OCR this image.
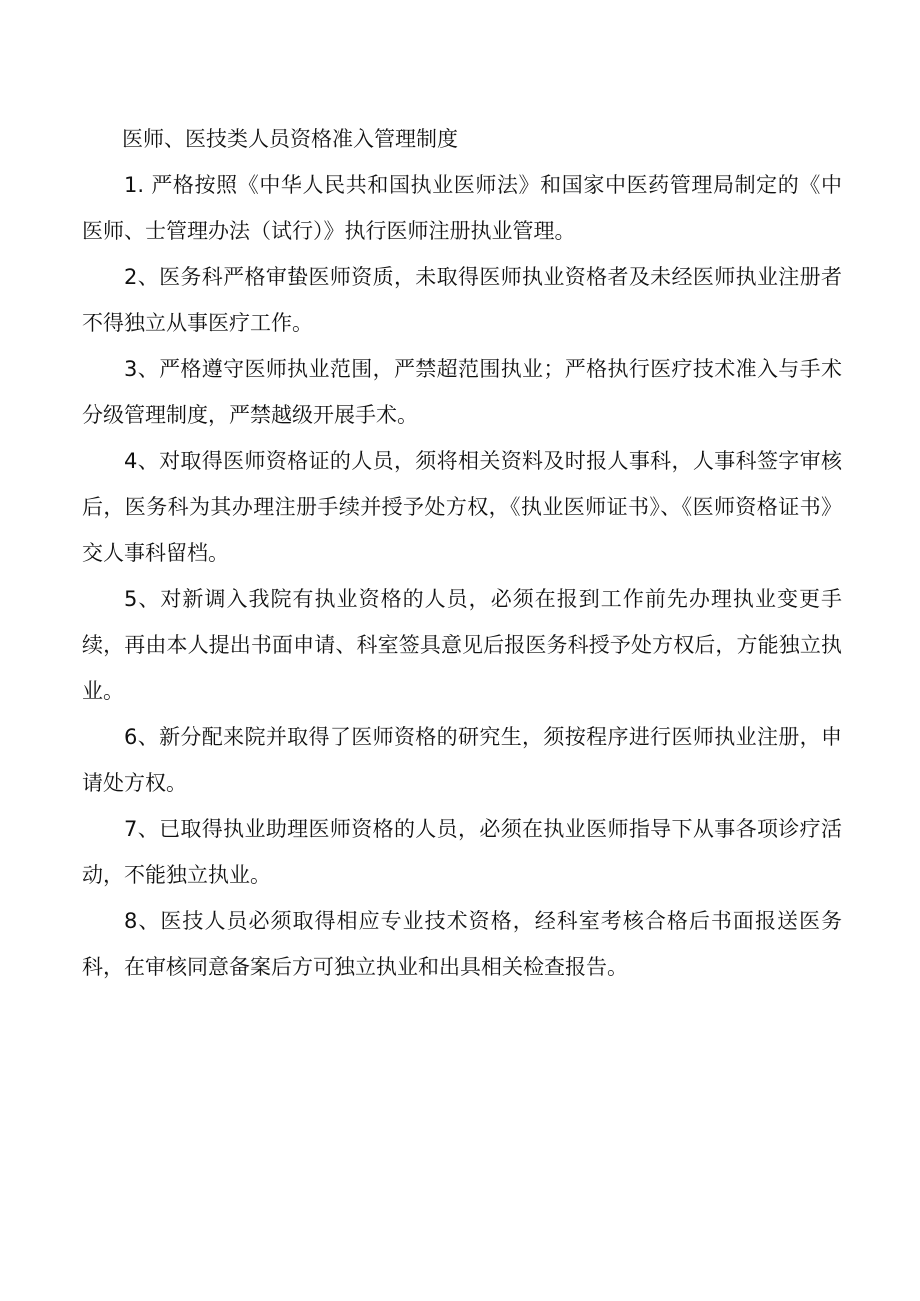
医师、医技类人员资格准入管理制度

1. 严格按照《中华人民共和国执业医师法》和国家中医药管理局制定的《中医师、士管理办法（试行）》执行医师注册执业管理。

2、医务科严格审蛰医师资质，未取得医师执业资格者及未经医师执业注册者不得独立从事医疗工作。

3、严格遵守医师执业范围，严禁超范围执业；严格执行医疗技术准入与手术分级管理制度，严禁越级开展手术。

4、对取得医师资格证的人员，须将相关资料及时报人事科，人事科签字审核后，医务科为其办理注册手续并授予处方权，《执业医师证书》、《医师资格证书》交人事科留档。

5、对新调入我院有执业资格的人员，必须在报到工作前先办理执业变更手续，再由本人提出书面申请、科室签具意见后报医务科授予处方权后，方能独立执业。

6、新分配来院并取得了医师资格的研究生，须按程序进行医师执业注册，申请处方权。

7、已取得执业助理医师资格的人员，必须在执业医师指导下从事各项诊疗活动，不能独立执业。

8、医技人员必须取得相应专业技术资格，经科室考核合格后书面报送医务科，在审核同意备案后方可独立执业和出具相关检查报告。
